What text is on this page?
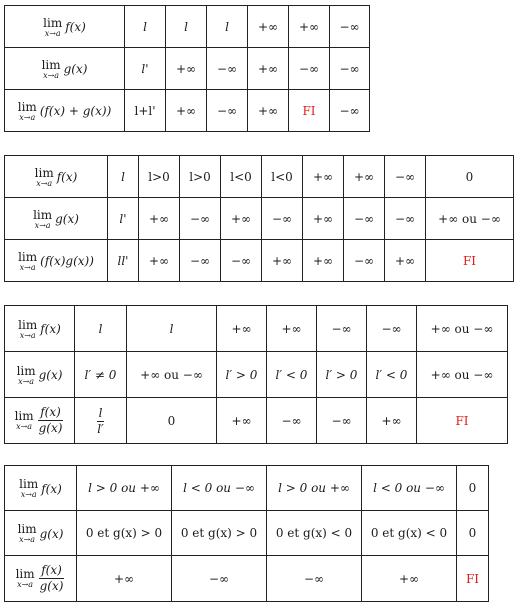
lim
x→a f(x)	l	l	l	+∞	+∞	−∞

lim
x→a g(x)	l'	+∞	−∞	+∞	−∞	−∞

lim
x→a (f(x) + g(x))	l+l'	+∞	−∞	+∞	FI	−∞
lim
x→a f(x)	l	l>0	l>0	l<0	l<0	+∞	+∞	−∞	0

lim
x→a g(x)	l'	+∞	−∞	+∞	−∞	+∞	−∞	−∞	+∞ ou −∞

lim
x→a (f(x)g(x))	ll'	+∞	−∞	−∞	+∞	+∞	−∞	+∞	FI
lim
x→a f(x)	l	l	+∞	+∞	−∞	−∞	+∞ ou −∞

lim
x→a g(x)	l′ ≠ 0	+∞ ou −∞	l′ > 0	l′ < 0	l′ > 0	l′ < 0	+∞ ou −∞

lim
$x\to a \frac{f(x)}{g(x)}$	$\frac{l}{l'}$	0	+∞	−∞	−∞	+∞	FI
lim
x→a f(x)	l > 0 ou +∞	l < 0 ou −∞	l > 0 ou +∞	l < 0 ou −∞	0

lim
x→a g(x)	0 et g(x) > 0	0 et g(x) > 0	0 et g(x) < 0	0 et g(x) < 0	0

lim
$x\to a \frac{f(x)}{g(x)}$	+∞	−∞	−∞	+∞	FI
